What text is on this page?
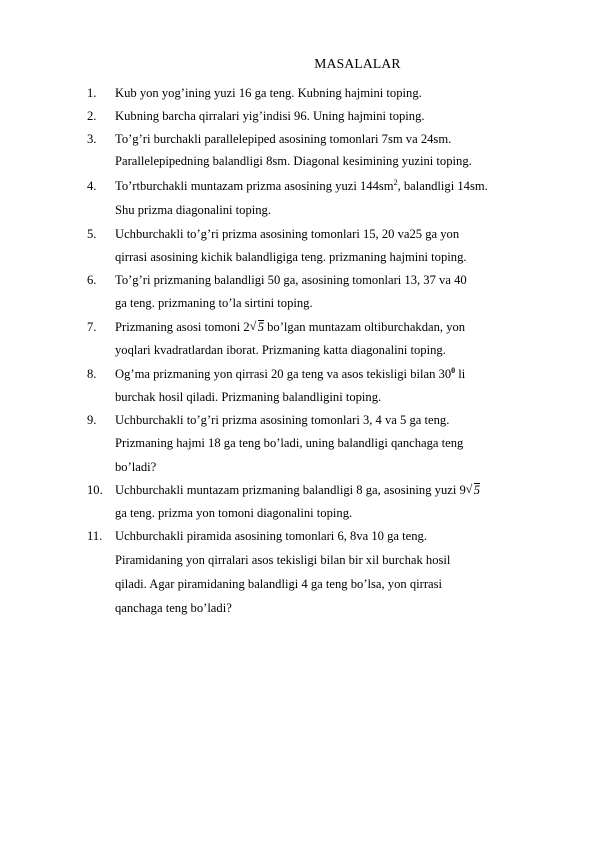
MASALALAR
1.	Kub yon yog’ining yuzi 16 ga teng. Kubning hajmini toping.
2.	Kubning barcha qirralari yig’indisi 96. Uning hajmini toping.
3.	To’g’ri burchakli parallelepiped asosining tomonlari 7sm va 24sm.
Parallelepipedning balandligi 8sm. Diagonal kesimining yuzini toping.
4.	To’rtburchakli muntazam prizma asosining yuzi $144sm^2$, balandligi 14sm.
Shu prizma diagonalini toping.
5.	Uchburchakli to’g’ri prizma asosining tomonlari 15, 20 va25 ga yon
qirrasi asosining kichik balandligiga teng. prizmaning hajmini toping.
6.	To’g’ri prizmaning balandligi 50 ga, asosining tomonlari 13, 37 va 40
ga teng. prizmaning to’la sirtini toping.
7.	Prizmaning asosi tomoni 2 √ 5 bo’lgan muntazam oltiburchakdan, yon
yoqlari kvadratlardan iborat. Prizmaning katta diagonalini toping.
8.	Og’ma prizmaning yon qirrasi 20 ga teng va asos tekisligi bilan $30^0$ li
burchak hosil qiladi. Prizmaning balandligini toping.
9.	Uchburchakli to’g’ri prizma asosining tomonlari 3, 4 va 5 ga teng.
Prizmaning hajmi 18 ga teng bo’ladi, uning balandligi qanchaga teng
bo’ladi?
10. Uchburchakli muntazam prizmaning balandligi 8 ga, asosining yuzi 9 √ 5
ga teng. prizma yon tomoni diagonalini toping.
11.	Uchburchakli piramida asosining tomonlari 6, 8va 10 ga teng.
Piramidaning yon qirralari asos tekisligi bilan bir xil burchak hosil
qiladi. Agar piramidaning balandligi 4 ga teng bo’lsa, yon qirrasi
qanchaga teng bo’ladi?
